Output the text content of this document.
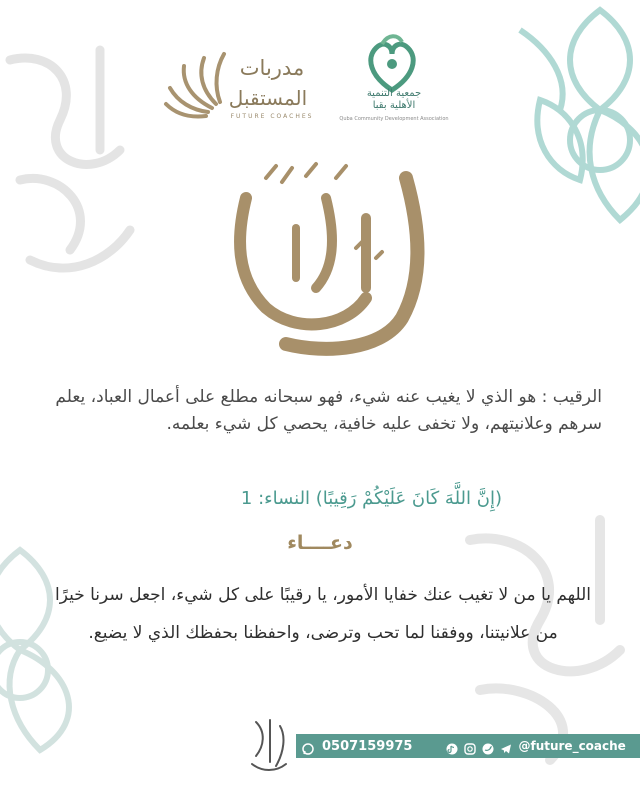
مدربات
المستقبل
FUTURE COACHES
جمعية التنمية
الأهلية بقبا
Quba Community Development Association
الرقيب : هو الذي لا يغيب عنه شيء، فهو سبحانه مطلع على أعمال العباد، يعلم سرهم وعلانيتهم، ولا تخفى عليه خافية، يحصي كل شيء بعلمه.
(إِنَّ اللَّهَ كَانَ عَلَيْكُمْ رَقِيبًا) النساء: 1
دعــــاء
اللهم يا من لا تغيب عنك خفايا الأمور، يا رقيبًا على كل شيء، اجعل سرنا خيرًا من علانيتنا، ووفقنا لما تحب وترضى، واحفظنا بحفظك الذي لا يضيع.
0507159975	@future_coache
